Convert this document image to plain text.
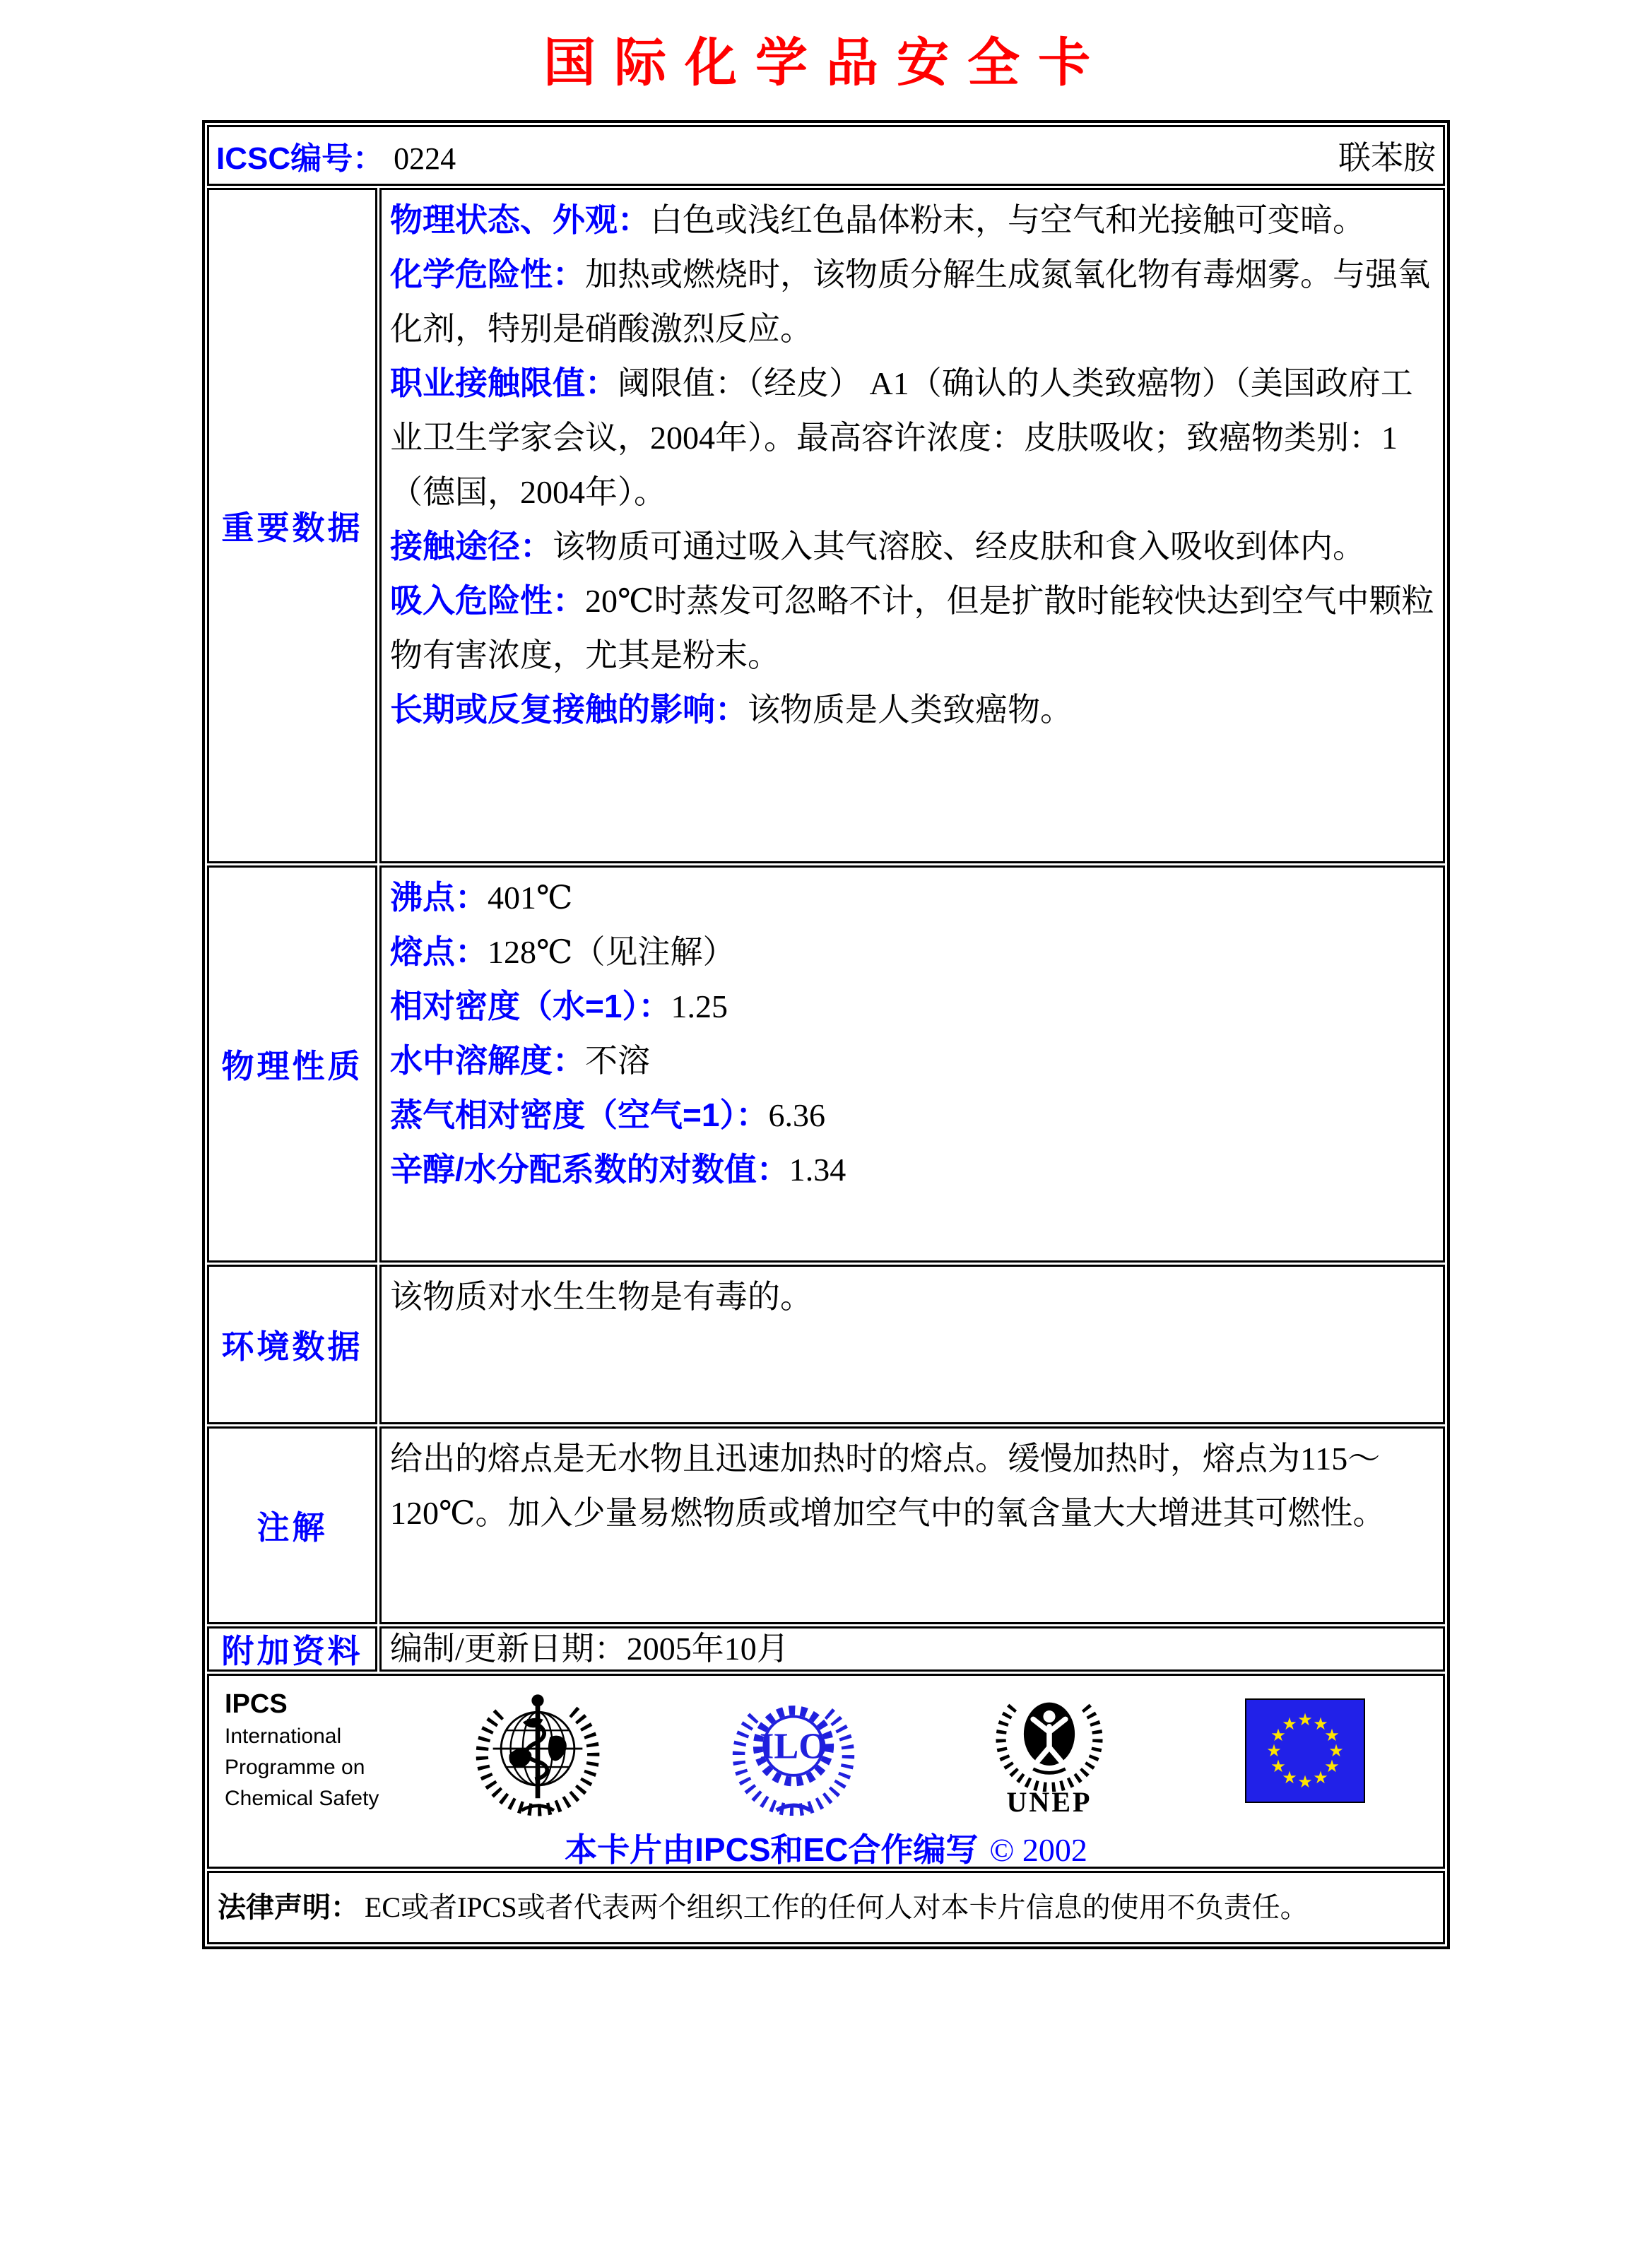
国际化学品安全卡
ICSC编号： 0224	联苯胺
重要数据

物理状态、外观：白色或浅红色晶体粉末，与空气和光接触可变暗。

化学危险性：加热或燃烧时，该物质分解生成氮氧化物有毒烟雾。与强氧化剂，特别是硝酸激烈反应。

职业接触限值：阈限值：（经皮） A1（确认的人类致癌物）（美国政府工业卫生学家会议，2004年）。最高容许浓度：皮肤吸收；致癌物类别：1（德国，2004年）。

接触途径：该物质可通过吸入其气溶胶、经皮肤和食入吸收到体内。

吸入危险性：20℃时蒸发可忽略不计，但是扩散时能较快达到空气中颗粒物有害浓度，尤其是粉末。

长期或反复接触的影响：该物质是人类致癌物。

物理性质

沸点：401℃

熔点：128℃（见注解）

相对密度（水=1）：1.25

水中溶解度：不溶

蒸气相对密度（空气=1）：6.36

辛醇/水分配系数的对数值：1.34

环境数据

该物质对水生生物是有毒的。

注解

给出的熔点是无水物且迅速加热时的熔点。缓慢加热时，熔点为115～120℃。加入少量易燃物质或增加空气中的氧含量大大增进其可燃性。

附加资料 编制/更新日期：2005年10月

IPCS
International
Programme on
Chemical Safety
ILO
UNEP
★ ★
★
★
★
★
★
★
★
★
★
★
本卡片由IPCS和EC合作编写 © 2002
法律声明： EC或者IPCS或者代表两个组织工作的任何人对本卡片信息的使用不负责任。
